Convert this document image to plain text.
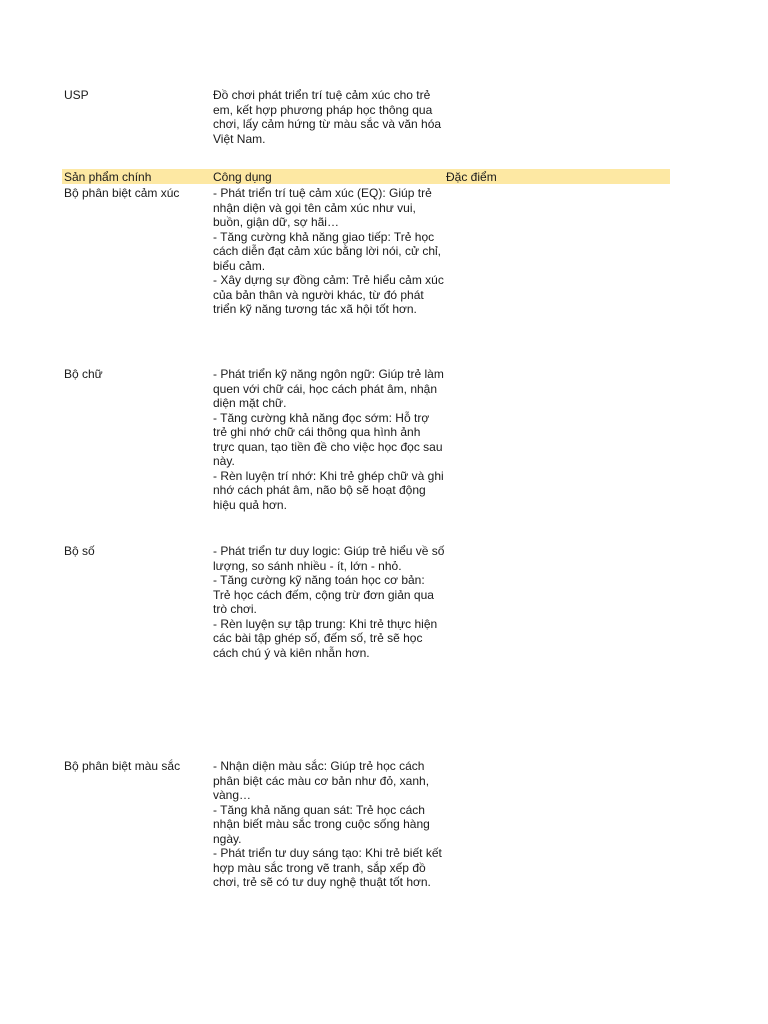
USP	Đồ chơi phát triển trí tuệ cảm xúc cho trẻ em, kết hợp phương pháp học thông qua chơi, lấy cảm hứng từ màu sắc và văn hóa Việt Nam.
Sản phẩm chính	Công dụng	Đặc điểm
Bộ phân biệt cảm xúc	- Phát triển trí tuệ cảm xúc (EQ): Giúp trẻ nhận diện và gọi tên cảm xúc như vui, buồn, giận dữ, sợ hãi…
- Tăng cường khả năng giao tiếp: Trẻ học cách diễn đạt cảm xúc bằng lời nói, cử chỉ, biểu cảm.
- Xây dựng sự đồng cảm: Trẻ hiểu cảm xúc của bản thân và người khác, từ đó phát triển kỹ năng tương tác xã hội tốt hơn.
Bộ chữ	- Phát triển kỹ năng ngôn ngữ: Giúp trẻ làm quen với chữ cái, học cách phát âm, nhận diện mặt chữ.
- Tăng cường khả năng đọc sớm: Hỗ trợ trẻ ghi nhớ chữ cái thông qua hình ảnh trực quan, tạo tiền đề cho việc học đọc sau này.
- Rèn luyện trí nhớ: Khi trẻ ghép chữ và ghi nhớ cách phát âm, não bộ sẽ hoạt động hiệu quả hơn.
Bộ số	- Phát triển tư duy logic: Giúp trẻ hiểu về số lượng, so sánh nhiều - ít, lớn - nhỏ.
- Tăng cường kỹ năng toán học cơ bản: Trẻ học cách đếm, cộng trừ đơn giản qua trò chơi.
- Rèn luyện sự tập trung: Khi trẻ thực hiện các bài tập ghép số, đếm số, trẻ sẽ học cách chú ý và kiên nhẫn hơn.
Bộ phân biệt màu sắc	- Nhận diện màu sắc: Giúp trẻ học cách phân biệt các màu cơ bản như đỏ, xanh, vàng…
- Tăng khả năng quan sát: Trẻ học cách nhận biết màu sắc trong cuộc sống hàng ngày.
- Phát triển tư duy sáng tạo: Khi trẻ biết kết hợp màu sắc trong vẽ tranh, sắp xếp đồ chơi, trẻ sẽ có tư duy nghệ thuật tốt hơn.
